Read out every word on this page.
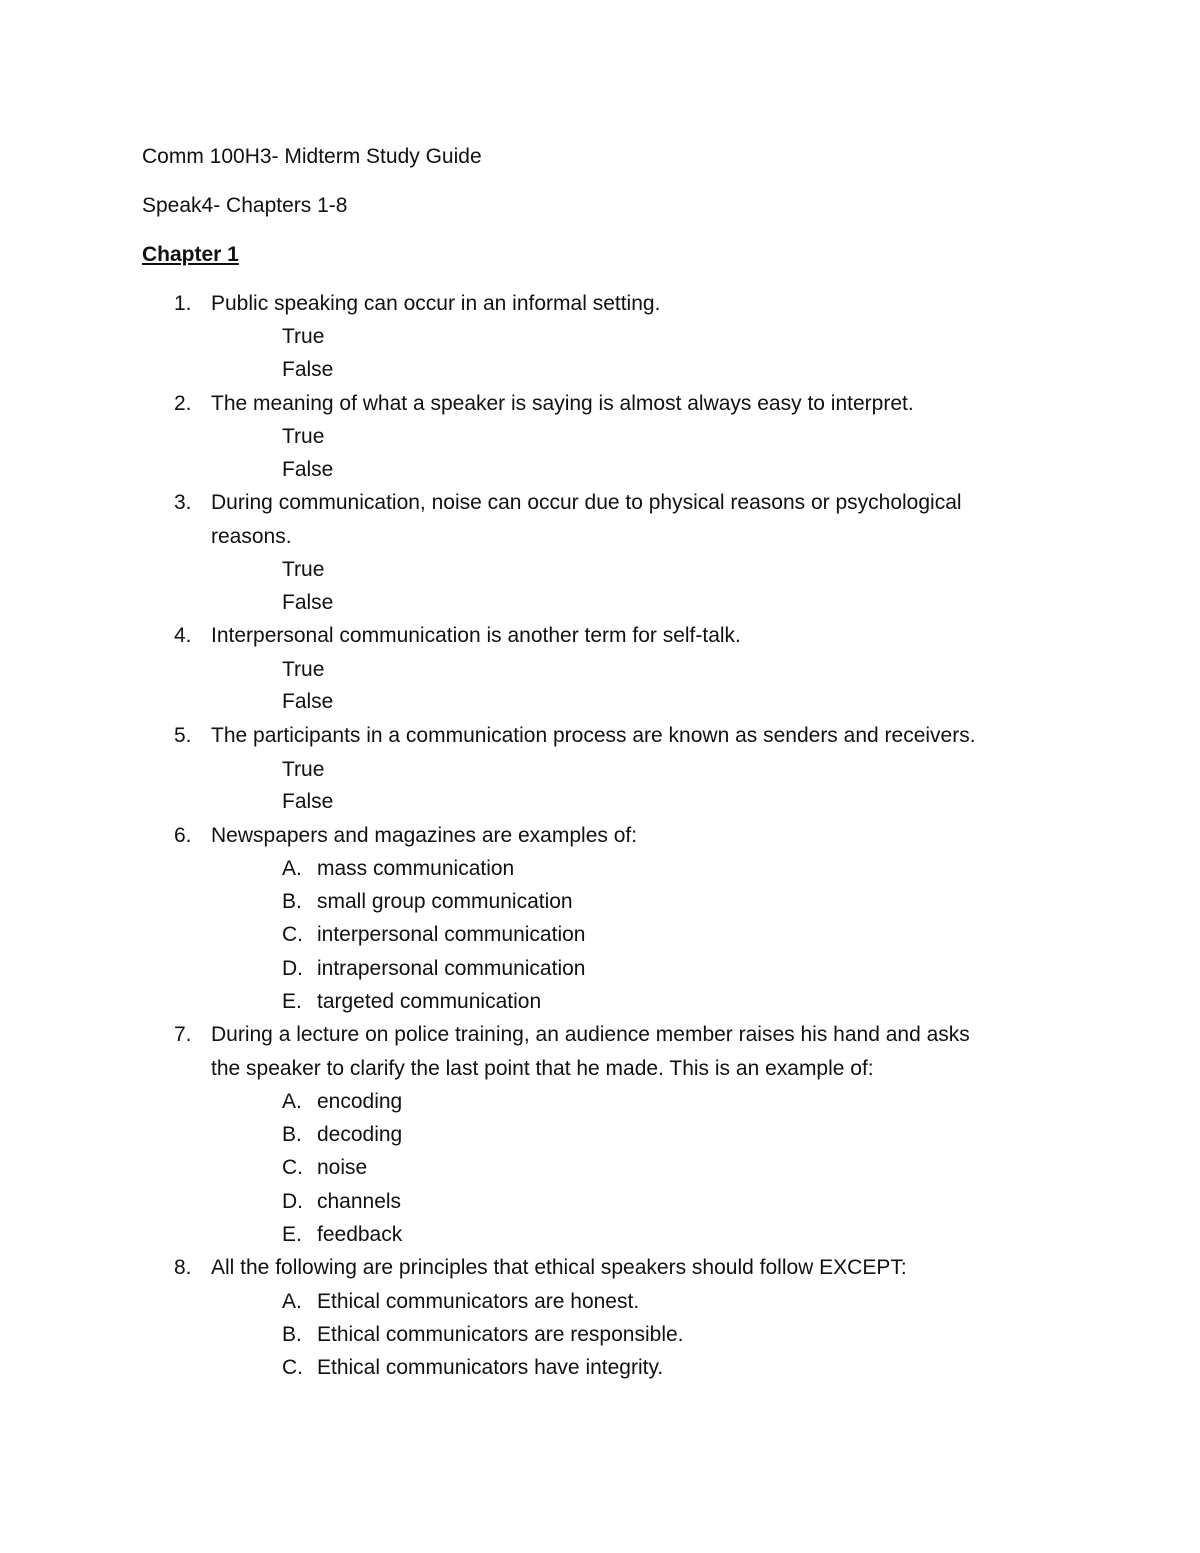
Comm 100H3- Midterm Study Guide
Speak4- Chapters 1-8
Chapter 1
1. Public speaking can occur in an informal setting.
True
False
2. The meaning of what a speaker is saying is almost always easy to interpret.
True
False
3. During communication, noise can occur due to physical reasons or psychological
reasons.
True
False
4. Interpersonal communication is another term for self-talk.
True
False
5. The participants in a communication process are known as senders and receivers.
True
False
6. Newspapers and magazines are examples of:
A. mass communication
B. small group communication
C. interpersonal communication
D. intrapersonal communication
E. targeted communication
7. During a lecture on police training, an audience member raises his hand and asks
the speaker to clarify the last point that he made. This is an example of:
A. encoding
B. decoding
C. noise
D. channels
E. feedback
8. All the following are principles that ethical speakers should follow EXCEPT:
A. Ethical communicators are honest.
B. Ethical communicators are responsible.
C. Ethical communicators have integrity.
